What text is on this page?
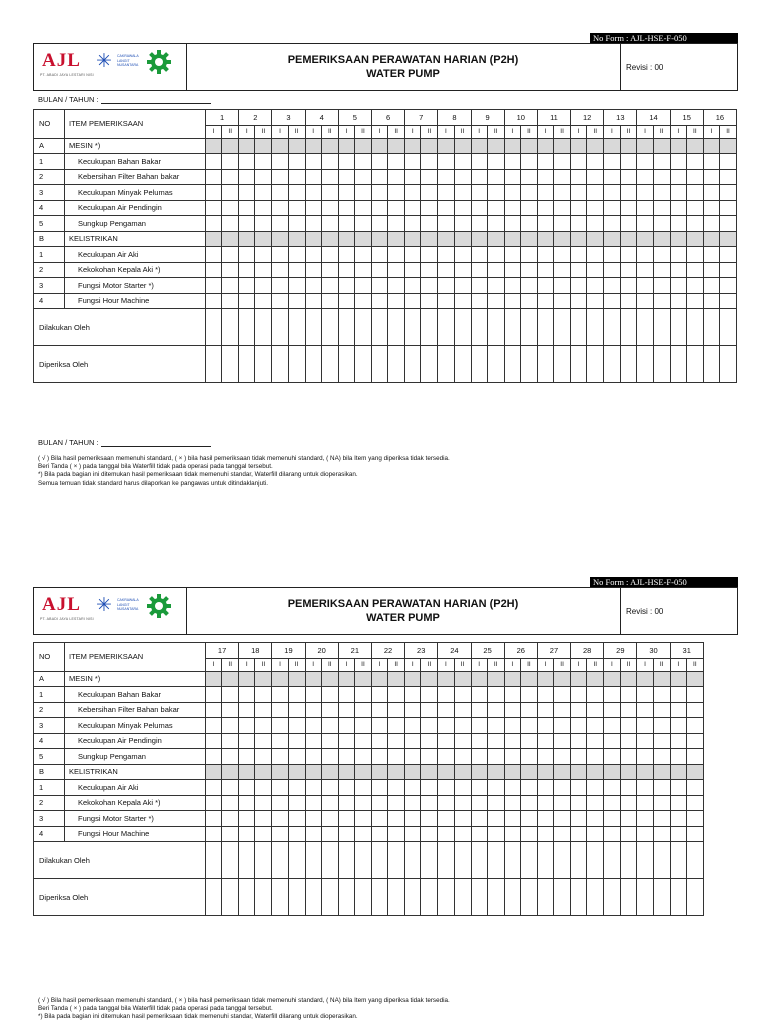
No Form : AJL-HSE-F-050
AJL
PT. ABADI JAYA LESTARI NISI
✳ CAKRAWALA LANGIT NUSANTARA	PEMERIKSAAN PERAWATAN HARIAN (P2H)
WATER PUMP
Revisi : 00
BULAN / TAHUN :
NO	ITEM PEMERIKSAAN	1		2		3		4		5		6		7		8		9		10		11		12		13		14		15		16	
		I	II	I	II	I	II	I	II	I	II	I	II	I	II	I	II	I	II	I	II	I	II	I	II	I	II	I	II	I	II	I	II
A	MESIN *)																																
1	Kecukupan Bahan Bakar																																
2	Kebersihan Filter Bahan bakar																																
3	Kecukupan Minyak Pelumas																																
4	Kecukupan Air Pendingin																																
5	Sungkup Pengaman																																
B	KELISTRIKAN																																
1	Kecukupan Air Aki																																
2	Kekokohan Kepala Aki *)																																
3	Fungsi Motor Starter *)																																
4	Fungsi Hour Machine																																
Dilakukan Oleh																																	
Diperiksa Oleh																																	
BULAN / TAHUN :
( √ ) Bila hasil pemeriksaan memenuhi standard, ( × ) bila hasil pemeriksaan tidak memenuhi standard, ( NA) bila Item yang diperiksa tidak tersedia.
Beri Tanda ( × ) pada tanggal bila Waterfill tidak pada operasi pada tanggal tersebut.
*) Bila pada bagian ini ditemukan hasil pemeriksaan tidak memenuhi standar, Waterfill dilarang untuk dioperasikan.
Semua temuan tidak standard harus dilaporkan ke pangawas untuk ditindaklanjuti.
No Form : AJL-HSE-F-050
AJL
PT. ABADI JAYA LESTARI NISI
✳ CAKRAWALA LANGIT NUSANTARA	PEMERIKSAAN PERAWATAN HARIAN (P2H)
WATER PUMP
Revisi : 00
NO	ITEM PEMERIKSAAN	17		18		19		20		21		22		23		24		25		26		27		28		29		30		31	
		I	II	I	II	I	II	I	II	I	II	I	II	I	II	I	II	I	II	I	II	I	II	I	II	I	II	I	II	I	II
A	MESIN *)																														
1	Kecukupan Bahan Bakar																														
2	Kebersihan Filter Bahan bakar																														
3	Kecukupan Minyak Pelumas																														
4	Kecukupan Air Pendingin																														
5	Sungkup Pengaman																														
B	KELISTRIKAN																														
1	Kecukupan Air Aki																														
2	Kekokohan Kepala Aki *)																														
3	Fungsi Motor Starter *)																														
4	Fungsi Hour Machine																														
Dilakukan Oleh																															
Diperiksa Oleh																															
( √ ) Bila hasil pemeriksaan memenuhi standard, ( × ) bila hasil pemeriksaan tidak memenuhi standard, ( NA) bila Item yang diperiksa tidak tersedia.
Beri Tanda ( × ) pada tanggal bila Waterfill tidak pada operasi pada tanggal tersebut.
*) Bila pada bagian ini ditemukan hasil pemeriksaan tidak memenuhi standar, Waterfill dilarang untuk dioperasikan.
